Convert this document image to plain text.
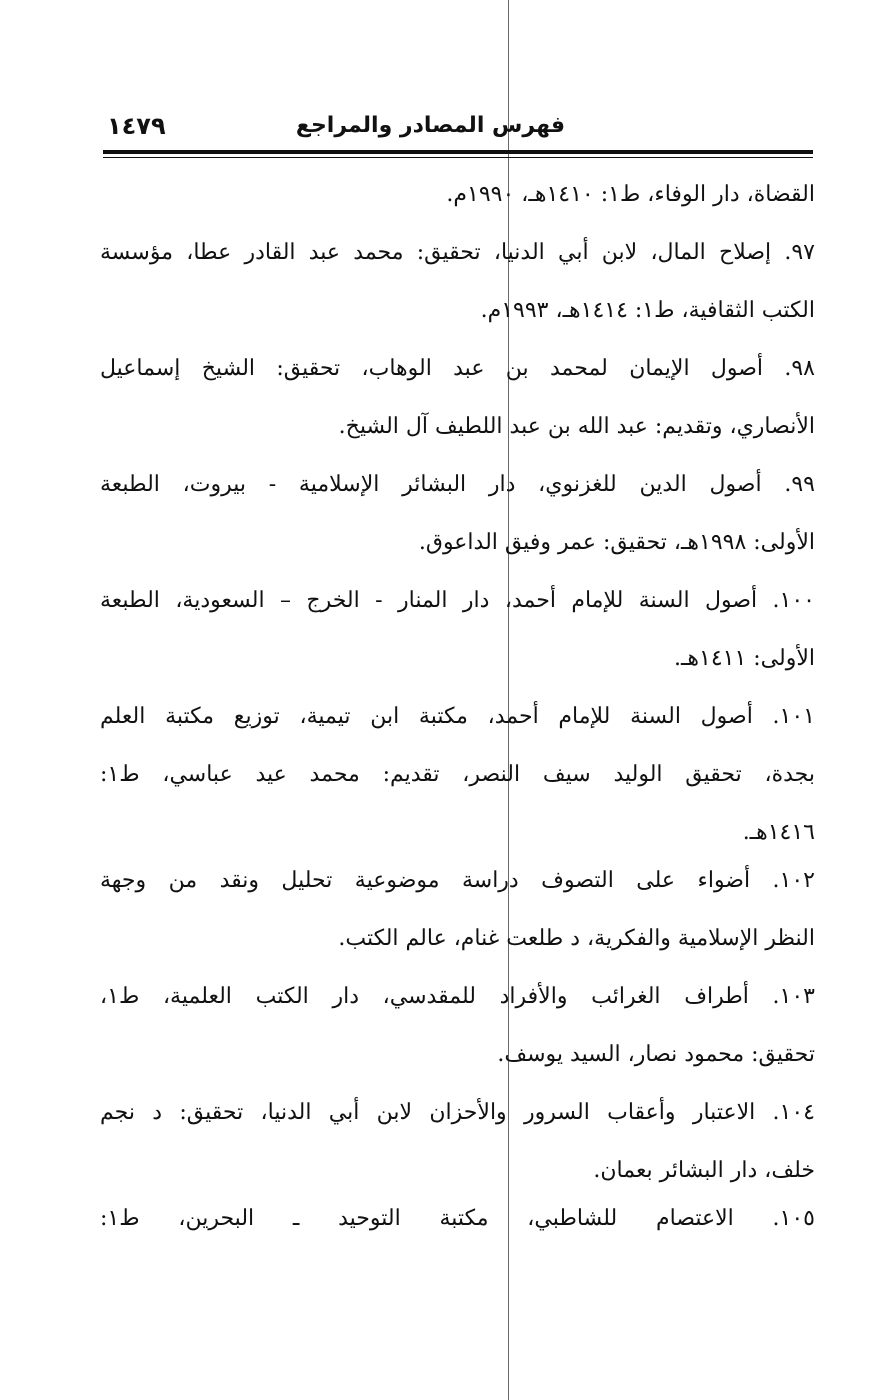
فهرس المصادر والمراجع
١٤٧٩
القضاة، دار الوفاء، ط١: ١٤١٠هـ، ١٩٩٠م.
٩٧. إصلاح المال، لابن أبي الدنيا، تحقيق: محمد عبد القادر عطا، مؤسسة
الكتب الثقافية، ط١: ١٤١٤هـ، ١٩٩٣م.
٩٨. أصول الإيمان لمحمد بن عبد الوهاب، تحقيق: الشيخ إسماعيل
الأنصاري، وتقديم: عبد الله بن عبد اللطيف آل الشيخ.
٩٩. أصول الدين للغزنوي، دار البشائر الإسلامية - بيروت، الطبعة
الأولى: ١٩٩٨هـ، تحقيق: عمر وفيق الداعوق.
١٠٠. أصول السنة للإمام أحمد، دار المنار - الخرج – السعودية، الطبعة
الأولى: ١٤١١هـ.
١٠١. أصول السنة للإمام أحمد، مكتبة ابن تيمية، توزيع مكتبة العلم
بجدة، تحقيق الوليد سيف النصر، تقديم: محمد عيد عباسي، ط١:
١٤١٦هـ.
١٠٢. أضواء على التصوف دراسة موضوعية تحليل ونقد من وجهة
النظر الإسلامية والفكرية، د طلعت غنام، عالم الكتب.
١٠٣. أطراف الغرائب والأفراد للمقدسي، دار الكتب العلمية، ط١،
تحقيق: محمود نصار، السيد يوسف.
١٠٤. الاعتبار وأعقاب السرور والأحزان لابن أبي الدنيا، تحقيق: د نجم
خلف، دار البشائر بعمان.
١٠٥. الاعتصام للشاطبي، مكتبة التوحيد ـ البحرين، ط١:
